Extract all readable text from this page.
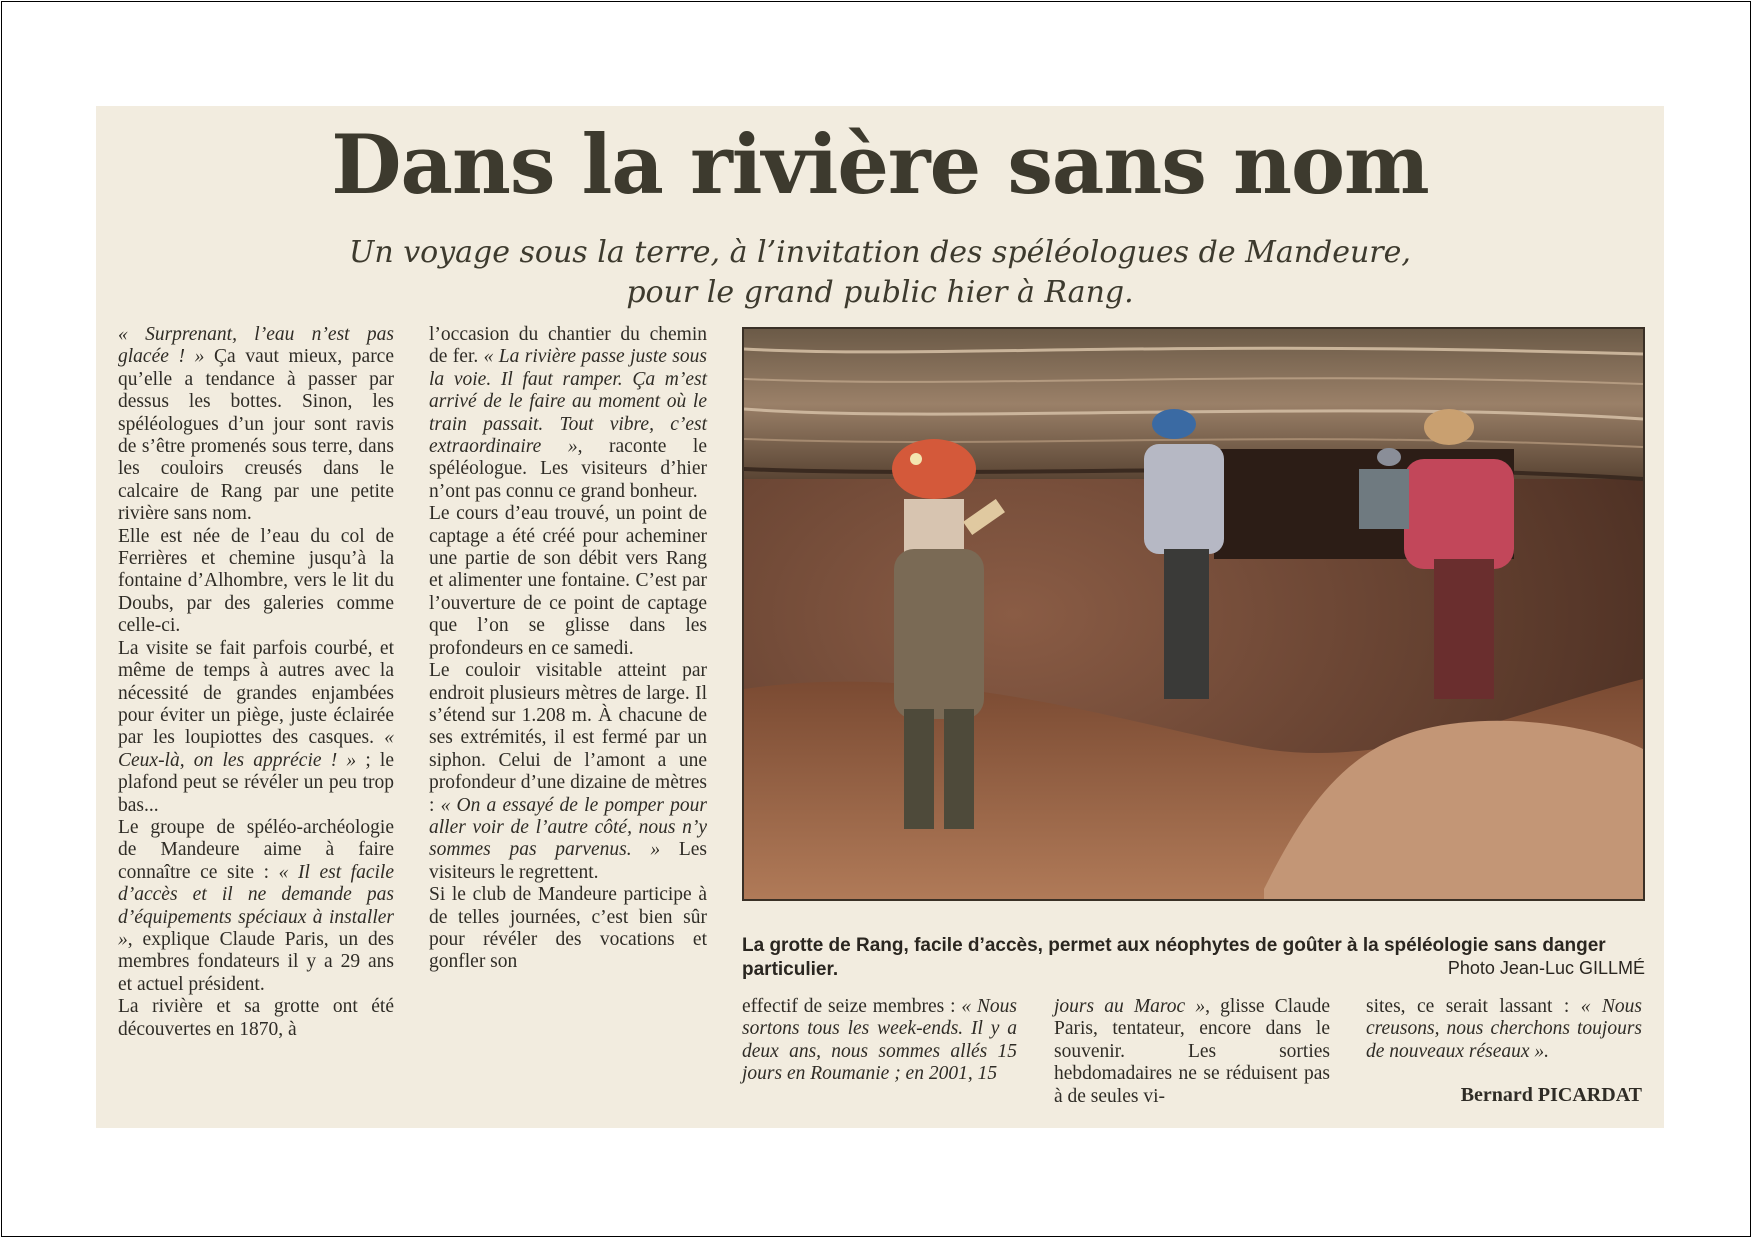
Dans la rivière sans nom
Un voyage sous la terre, à l’invitation des spéléologues de Mandeure,
pour le grand public hier à Rang.

« Surprenant, l’eau n’est pas glacée ! » Ça vaut mieux, parce qu’elle a tendance à passer par dessus les bottes. Sinon, les spéléologues d’un jour sont ravis de s’être promenés sous terre, dans les couloirs creusés dans le calcaire de Rang par une petite rivière sans nom.

Elle est née de l’eau du col de Ferrières et chemine jusqu’à la fontaine d’Alhombre, vers le lit du Doubs, par des galeries comme celle-ci.

La visite se fait parfois courbé, et même de temps à autres avec la nécessité de grandes enjambées pour éviter un piège, juste éclairée par les loupiottes des casques. « Ceux-là, on les apprécie ! » ; le plafond peut se révéler un peu trop bas...

Le groupe de spéléo-archéologie de Mandeure aime à faire connaître ce site : « Il est facile d’accès et il ne demande pas d’équipements spéciaux à installer », explique Claude Paris, un des membres fondateurs il y a 29 ans et actuel président.

La rivière et sa grotte ont été découvertes en 1870, à

l’occasion du chantier du chemin de fer. « La rivière passe juste sous la voie. Il faut ramper. Ça m’est arrivé de le faire au moment où le train passait. Tout vibre, c’est extraordinaire », raconte le spéléologue. Les visiteurs d’hier n’ont pas connu ce grand bonheur.

Le cours d’eau trouvé, un point de captage a été créé pour acheminer une partie de son débit vers Rang et alimenter une fontaine. C’est par l’ouverture de ce point de captage que l’on se glisse dans les profondeurs en ce samedi.

Le couloir visitable atteint par endroit plusieurs mètres de large. Il s’étend sur 1.208 m. À chacune de ses extrémités, il est fermé par un siphon. Celui de l’amont a une profondeur d’une dizaine de mètres : « On a essayé de le pomper pour aller voir de l’autre côté, nous n’y sommes pas parvenus. » Les visiteurs le regrettent.

Si le club de Mandeure participe à de telles journées, c’est bien sûr pour révéler des vocations et gonfler son

La grotte de Rang, facile d’accès, permet aux néophytes de goûter à la spéléologie sans danger particulier.	Photo Jean-Luc GILLMÉ

effectif de seize membres : « Nous sortons tous les week-ends. Il y a deux ans, nous sommes allés 15 jours en Roumanie ; en 2001, 15

jours au Maroc », glisse Claude Paris, tentateur, encore dans le souvenir. Les sorties hebdomadaires ne se réduisent pas à de seules vi-

sites, ce serait lassant : « Nous creusons, nous cherchons toujours de nouveaux réseaux ».

Bernard PICARDAT
